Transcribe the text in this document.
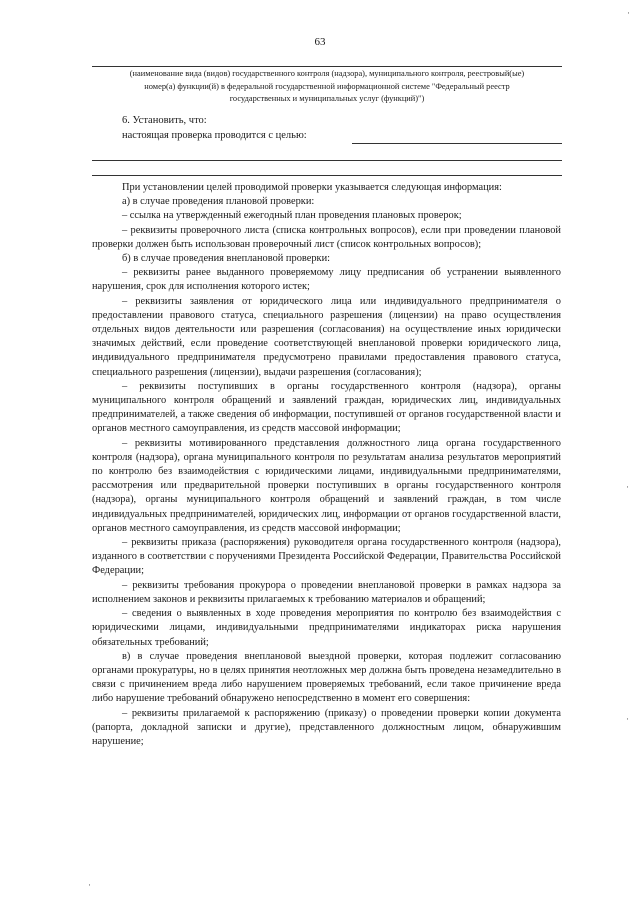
63

(наименование вида (видов) государственного контроля (надзора), муниципального контроля, реестровый(ые)

номер(а) функции(й) в федеральной государственной информационной системе "Федеральный реестр

государственных и муниципальных услуг (функций)")

6. Установить, что:
настоящая проверка проводится с целью:

При установлении целей проводимой проверки указывается следующая информация:

а) в случае проведения плановой проверки:

– ссылка на утвержденный ежегодный план проведения плановых проверок;

– реквизиты проверочного листа (списка контрольных вопросов), если при проведении плановой проверки должен быть использован проверочный лист (список контрольных вопросов);

б) в случае проведения внеплановой проверки:

– реквизиты ранее выданного проверяемому лицу предписания об устранении выявленного нарушения, срок для исполнения которого истек;

– реквизиты заявления от юридического лица или индивидуального предпринимателя о предоставлении правового статуса, специального разрешения (лицензии) на право осуществления отдельных видов деятельности или разрешения (согласования) на осуществление иных юридически значимых действий, если проведение соответствующей внеплановой проверки юридического лица, индивидуального предпринимателя предусмотрено правилами предоставления правового статуса, специального разрешения (лицензии), выдачи разрешения (согласования);

– реквизиты поступивших в органы государственного контроля (надзора), органы муниципального контроля обращений и заявлений граждан, юридических лиц, индивидуальных предпринимателей, а также сведения об информации, поступившей от органов государственной власти и органов местного самоуправления, из средств массовой информации;

– реквизиты мотивированного представления должностного лица органа государственного контроля (надзора), органа муниципального контроля по результатам анализа результатов мероприятий по контролю без взаимодействия с юридическими лицами, индивидуальными предпринимателями, рассмотрения или предварительной проверки поступивших в органы государственного контроля (надзора), органы муниципального контроля обращений и заявлений граждан, в том числе индивидуальных предпринимателей, юридических лиц, информации от органов государственной власти, органов местного самоуправления, из средств массовой информации;

– реквизиты приказа (распоряжения) руководителя органа государственного контроля (надзора), изданного в соответствии с поручениями Президента Российской Федерации, Правительства Российской Федерации;

– реквизиты требования прокурора о проведении внеплановой проверки в рамках надзора за исполнением законов и реквизиты прилагаемых к требованию материалов и обращений;

– сведения о выявленных в ходе проведения мероприятия по контролю без взаимодействия с юридическими лицами, индивидуальными предпринимателями индикаторах риска нарушения обязательных требований;

в) в случае проведения внеплановой выездной проверки, которая подлежит согласованию органами прокуратуры, но в целях принятия неотложных мер должна быть проведена незамедлительно в связи с причинением вреда либо нарушением проверяемых требований, если такое причинение вреда либо нарушение требований обнаружено непосредственно в момент его совершения:

– реквизиты прилагаемой к распоряжению (приказу) о проведении проверки копии документа (рапорта, докладной записки и другие), представленного должностным лицом, обнаружившим нарушение;

·
·
·
·
